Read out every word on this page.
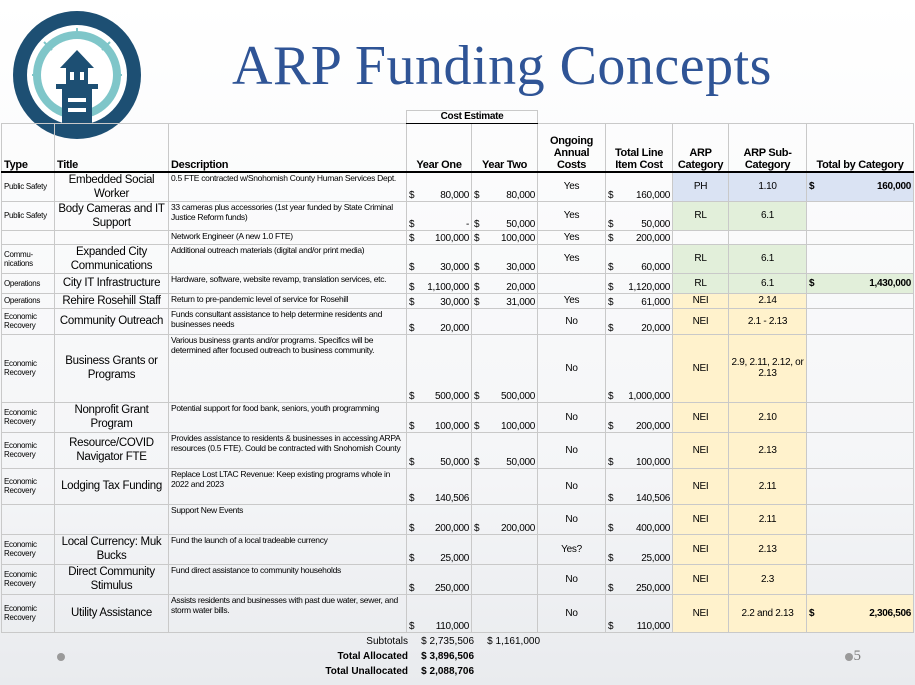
ARP Funding Concepts
			Cost Estimate						
Type	Title	Description	Year One	Year Two	Ongoing Annual Costs	Total Line Item Cost	ARP Category	ARP Sub-Category	Total by Category
Public Safety	Embedded Social Worker	0.5 FTE contracted w/Snohomish County Human Services Dept.	$ 80,000	$ 80,000	Yes	$ 160,000	PH	1.10	$ 160,000

Public Safety	Body Cameras and IT Support	33 cameras plus accessories (1st year funded by State Criminal Justice Reform funds)	$ -	$ 50,000	Yes	$ 50,000	RL	6.1	

		Network Engineer (A new 1.0 FTE)	$ 100,000	$ 100,000	Yes	$ 200,000			

Commu-nications	Expanded City Communications	Additional outreach materials (digital and/or print media)	$ 30,000	$ 30,000	Yes	$ 60,000	RL	6.1	

Operations	City IT Infrastructure	Hardware, software, website revamp, translation services, etc.	$ 1,100,000	$ 20,000		$ 1,120,000	RL	6.1	$ 1,430,000

Operations	Rehire Rosehill Staff	Return to pre-pandemic level of service for Rosehill	$ 30,000	$ 31,000	Yes	$ 61,000	NEI	2.14	

Economic Recovery	Community Outreach	Funds consultant assistance to help determine residents and businesses needs	$ 20,000		No	$ 20,000	NEI	2.1 - 2.13	

Economic Recovery	Business Grants or Programs	Various business grants and/or programs. Specifics will be determined after focused outreach to business community.	$ 500,000	$ 500,000	No	$ 1,000,000	NEI	2.9, 2.11, 2.12, or 2.13	

Economic Recovery	Nonprofit Grant Program	Potential support for food bank, seniors, youth programming	$ 100,000	$ 100,000	No	$ 200,000	NEI	2.10	

Economic Recovery	Resource/COVID Navigator FTE	Provides assistance to residents & businesses in accessing ARPA resources (0.5 FTE). Could be contracted with Snohomish County	$ 50,000	$ 50,000	No	$ 100,000	NEI	2.13	

Economic Recovery	Lodging Tax Funding	Replace Lost LTAC Revenue: Keep existing programs whole in 2022 and 2023	$ 140,506		No	$ 140,506	NEI	2.11	

		Support New Events	$ 200,000	$ 200,000	No	$ 400,000	NEI	2.11	

Economic Recovery	Local Currency: Muk Bucks	Fund the launch of a local tradeable currency	$ 25,000		Yes?	$ 25,000	NEI	2.13	

Economic Recovery	Direct Community Stimulus	Fund direct assistance to community households	$ 250,000		No	$ 250,000	NEI	2.3	

Economic Recovery	Utility Assistance	Assists residents and businesses with past due water, sewer, and storm water bills.	$ 110,000		No	$ 110,000	NEI	2.2 and 2.13	$ 2,306,506
Subtotals	$ 2,735,506	$ 1,161,000
Total Allocated	$ 3,896,506
Total Unallocated	$ 2,088,706
5
